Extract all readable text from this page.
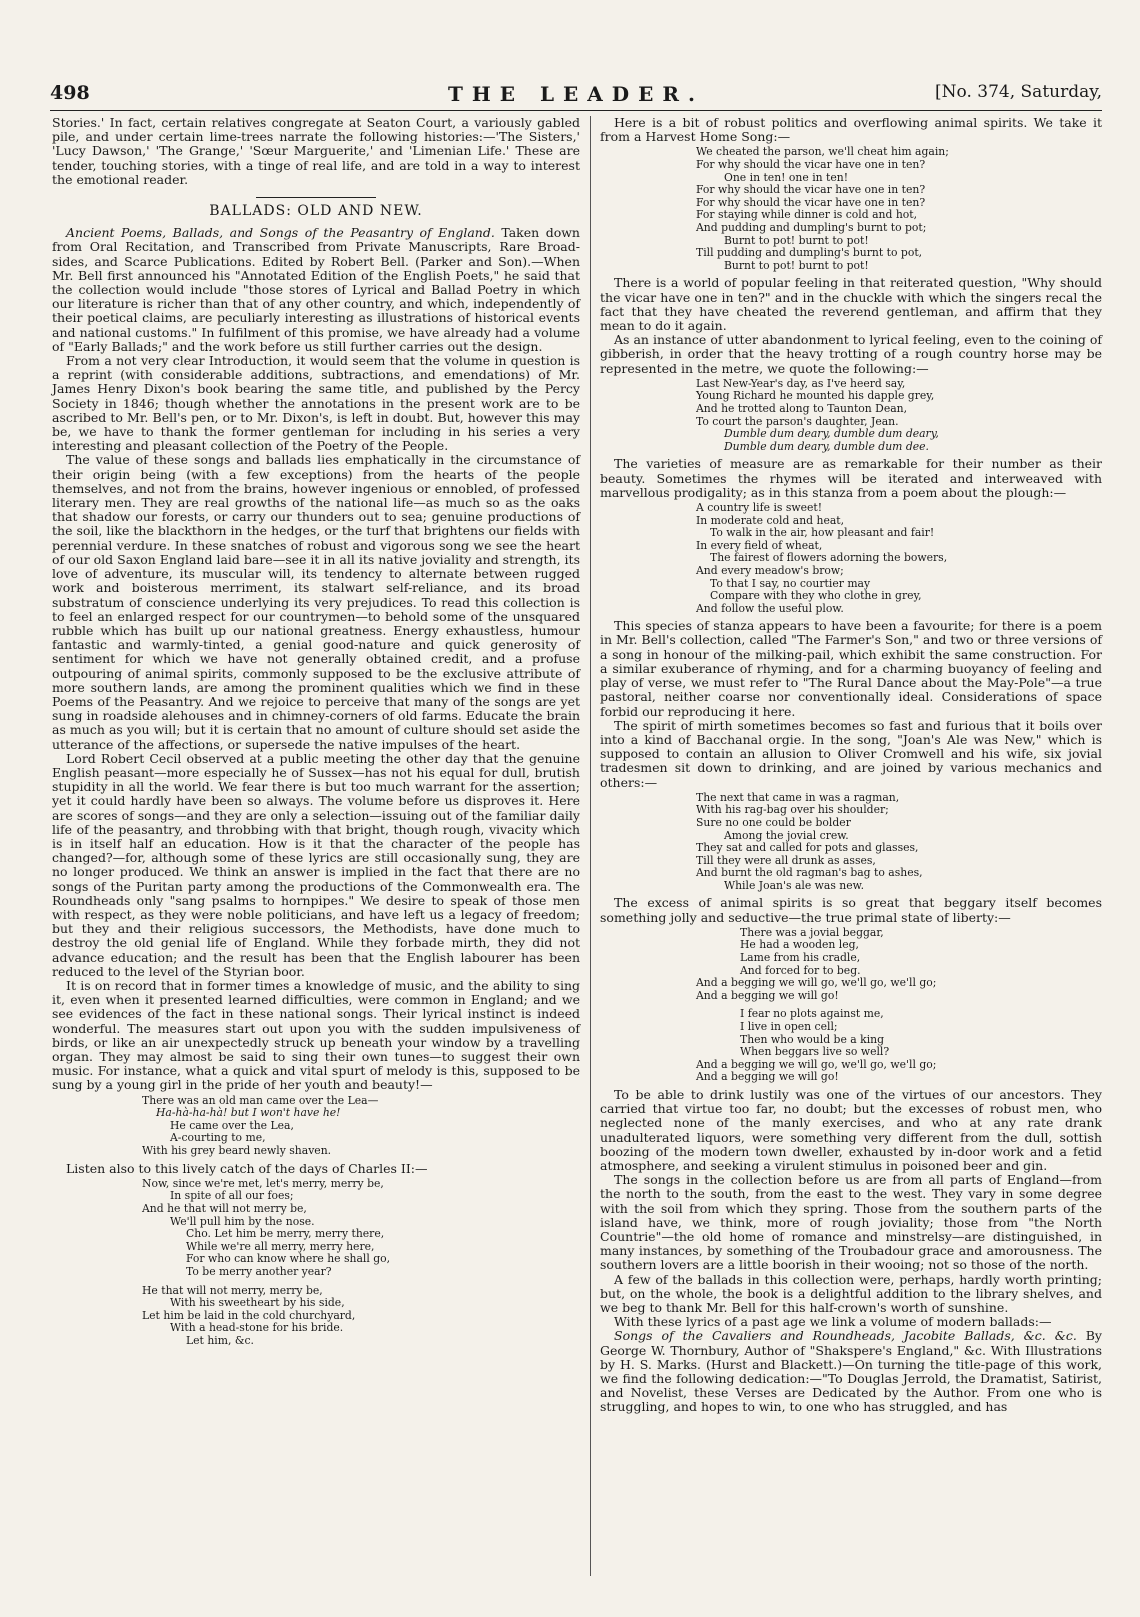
498	THE LEADER.	[No. 374, Saturday,

Stories.' In fact, certain relatives congregate at Seaton Court, a variously gabled pile, and under certain lime-trees narrate the following histories:—'The Sisters,' 'Lucy Dawson,' 'The Grange,' 'Sœur Marguerite,' and 'Limenian Life.' These are tender, touching stories, with a tinge of real life, and are told in a way to interest the emotional reader.

BALLADS: OLD AND NEW.

Ancient Poems, Ballads, and Songs of the Peasantry of England. Taken down from Oral Recitation, and Transcribed from Private Manuscripts, Rare Broad-sides, and Scarce Publications. Edited by Robert Bell. (Parker and Son).—When Mr. Bell first announced his "Annotated Edition of the English Poets," he said that the collection would include "those stores of Lyrical and Ballad Poetry in which our literature is richer than that of any other country, and which, independently of their poetical claims, are peculiarly interesting as illustrations of historical events and national customs." In fulfilment of this promise, we have already had a volume of "Early Ballads;" and the work before us still further carries out the design.

From a not very clear Introduction, it would seem that the volume in question is a reprint (with considerable additions, subtractions, and emendations) of Mr. James Henry Dixon's book bearing the same title, and published by the Percy Society in 1846; though whether the annotations in the present work are to be ascribed to Mr. Bell's pen, or to Mr. Dixon's, is left in doubt. But, however this may be, we have to thank the former gentleman for including in his series a very interesting and pleasant collection of the Poetry of the People.

The value of these songs and ballads lies emphatically in the circumstance of their origin being (with a few exceptions) from the hearts of the people themselves, and not from the brains, however ingenious or ennobled, of professed literary men. They are real growths of the national life—as much so as the oaks that shadow our forests, or carry our thunders out to sea; genuine productions of the soil, like the blackthorn in the hedges, or the turf that brightens our fields with perennial verdure. In these snatches of robust and vigorous song we see the heart of our old Saxon England laid bare—see it in all its native joviality and strength, its love of adventure, its muscular will, its tendency to alternate between rugged work and boisterous merriment, its stalwart self-reliance, and its broad substratum of conscience underlying its very prejudices. To read this collection is to feel an enlarged respect for our countrymen—to behold some of the unsquared rubble which has built up our national greatness. Energy exhaustless, humour fantastic and warmly-tinted, a genial good-nature and quick generosity of sentiment for which we have not generally obtained credit, and a profuse outpouring of animal spirits, commonly supposed to be the exclusive attribute of more southern lands, are among the prominent qualities which we find in these Poems of the Peasantry. And we rejoice to perceive that many of the songs are yet sung in roadside alehouses and in chimney-corners of old farms. Educate the brain as much as you will; but it is certain that no amount of culture should set aside the utterance of the affections, or supersede the native impulses of the heart.

Lord Robert Cecil observed at a public meeting the other day that the genuine English peasant—more especially he of Sussex—has not his equal for dull, brutish stupidity in all the world. We fear there is but too much warrant for the assertion; yet it could hardly have been so always. The volume before us disproves it. Here are scores of songs—and they are only a selection—issuing out of the familiar daily life of the peasantry, and throbbing with that bright, though rough, vivacity which is in itself half an education. How is it that the character of the people has changed?—for, although some of these lyrics are still occasionally sung, they are no longer produced. We think an answer is implied in the fact that there are no songs of the Puritan party among the productions of the Commonwealth era. The Roundheads only "sang psalms to hornpipes." We desire to speak of those men with respect, as they were noble politicians, and have left us a legacy of freedom; but they and their religious successors, the Methodists, have done much to destroy the old genial life of England. While they forbade mirth, they did not advance education; and the result has been that the English labourer has been reduced to the level of the Styrian boor.

It is on record that in former times a knowledge of music, and the ability to sing it, even when it presented learned difficulties, were common in England; and we see evidences of the fact in these national songs. Their lyrical instinct is indeed wonderful. The measures start out upon you with the sudden impulsiveness of birds, or like an air unexpectedly struck up beneath your window by a travelling organ. They may almost be said to sing their own tunes—to suggest their own music. For instance, what a quick and vital spurt of melody is this, supposed to be sung by a young girl in the pride of her youth and beauty!—

There was an old man came over the Lea—
Ha-hà-ha-hà! but I won't have he!
He came over the Lea,
A-courting to me,
With his grey beard newly shaven.

Listen also to this lively catch of the days of Charles II:—

Now, since we're met, let's merry, merry be,
In spite of all our foes;
And he that will not merry be,
We'll pull him by the nose.
Cho. Let him be merry, merry there,
While we're all merry, merry here,
For who can know where he shall go,
To be merry another year?
He that will not merry, merry be,
With his sweetheart by his side,
Let him be laid in the cold churchyard,
With a head-stone for his bride.
Let him, &c.

Here is a bit of robust politics and overflowing animal spirits. We take it from a Harvest Home Song:—

We cheated the parson, we'll cheat him again;
For why should the vicar have one in ten?
One in ten! one in ten!
For why should the vicar have one in ten?
For why should the vicar have one in ten?
For staying while dinner is cold and hot,
And pudding and dumpling's burnt to pot;
Burnt to pot! burnt to pot!
Till pudding and dumpling's burnt to pot,
Burnt to pot! burnt to pot!

There is a world of popular feeling in that reiterated question, "Why should the vicar have one in ten?" and in the chuckle with which the singers recal the fact that they have cheated the reverend gentleman, and affirm that they mean to do it again.

As an instance of utter abandonment to lyrical feeling, even to the coining of gibberish, in order that the heavy trotting of a rough country horse may be represented in the metre, we quote the following:—

Last New-Year's day, as I've heerd say,
Young Richard he mounted his dapple grey,
And he trotted along to Taunton Dean,
To court the parson's daughter, Jean.
Dumble dum deary, dumble dum deary,
Dumble dum deary, dumble dum dee.

The varieties of measure are as remarkable for their number as their beauty. Sometimes the rhymes will be iterated and interweaved with marvellous prodigality; as in this stanza from a poem about the plough:—

A country life is sweet!
In moderate cold and heat,
To walk in the air, how pleasant and fair!
In every field of wheat,
The fairest of flowers adorning the bowers,
And every meadow's brow;
To that I say, no courtier may
Compare with they who clothe in grey,
And follow the useful plow.

This species of stanza appears to have been a favourite; for there is a poem in Mr. Bell's collection, called "The Farmer's Son," and two or three versions of a song in honour of the milking-pail, which exhibit the same construction. For a similar exuberance of rhyming, and for a charming buoyancy of feeling and play of verse, we must refer to "The Rural Dance about the May-Pole"—a true pastoral, neither coarse nor conventionally ideal. Considerations of space forbid our reproducing it here.

The spirit of mirth sometimes becomes so fast and furious that it boils over into a kind of Bacchanal orgie. In the song, "Joan's Ale was New," which is supposed to contain an allusion to Oliver Cromwell and his wife, six jovial tradesmen sit down to drinking, and are joined by various mechanics and others:—

The next that came in was a ragman,
With his rag-bag over his shoulder;
Sure no one could be bolder
Among the jovial crew.
They sat and called for pots and glasses,
Till they were all drunk as asses,
And burnt the old ragman's bag to ashes,
While Joan's ale was new.

The excess of animal spirits is so great that beggary itself becomes something jolly and seductive—the true primal state of liberty:—

There was a jovial beggar,
He had a wooden leg,
Lame from his cradle,
And forced for to beg.
And a begging we will go, we'll go, we'll go;
And a begging we will go!
I fear no plots against me,
I live in open cell;
Then who would be a king
When beggars live so well?
And a begging we will go, we'll go, we'll go;
And a begging we will go!

To be able to drink lustily was one of the virtues of our ancestors. They carried that virtue too far, no doubt; but the excesses of robust men, who neglected none of the manly exercises, and who at any rate drank unadulterated liquors, were something very different from the dull, sottish boozing of the modern town dweller, exhausted by in-door work and a fetid atmosphere, and seeking a virulent stimulus in poisoned beer and gin.

The songs in the collection before us are from all parts of England—from the north to the south, from the east to the west. They vary in some degree with the soil from which they spring. Those from the southern parts of the island have, we think, more of rough joviality; those from "the North Countrie"—the old home of romance and minstrelsy—are distinguished, in many instances, by something of the Troubadour grace and amorousness. The southern lovers are a little boorish in their wooing; not so those of the north.

A few of the ballads in this collection were, perhaps, hardly worth printing; but, on the whole, the book is a delightful addition to the library shelves, and we beg to thank Mr. Bell for this half-crown's worth of sunshine.

With these lyrics of a past age we link a volume of modern ballads:—

Songs of the Cavaliers and Roundheads, Jacobite Ballads, &c. &c. By George W. Thornbury, Author of "Shakspere's England," &c. With Illustrations by H. S. Marks. (Hurst and Blackett.)—On turning the title-page of this work, we find the following dedication:—"To Douglas Jerrold, the Dramatist, Satirist, and Novelist, these Verses are Dedicated by the Author. From one who is struggling, and hopes to win, to one who has struggled, and has
